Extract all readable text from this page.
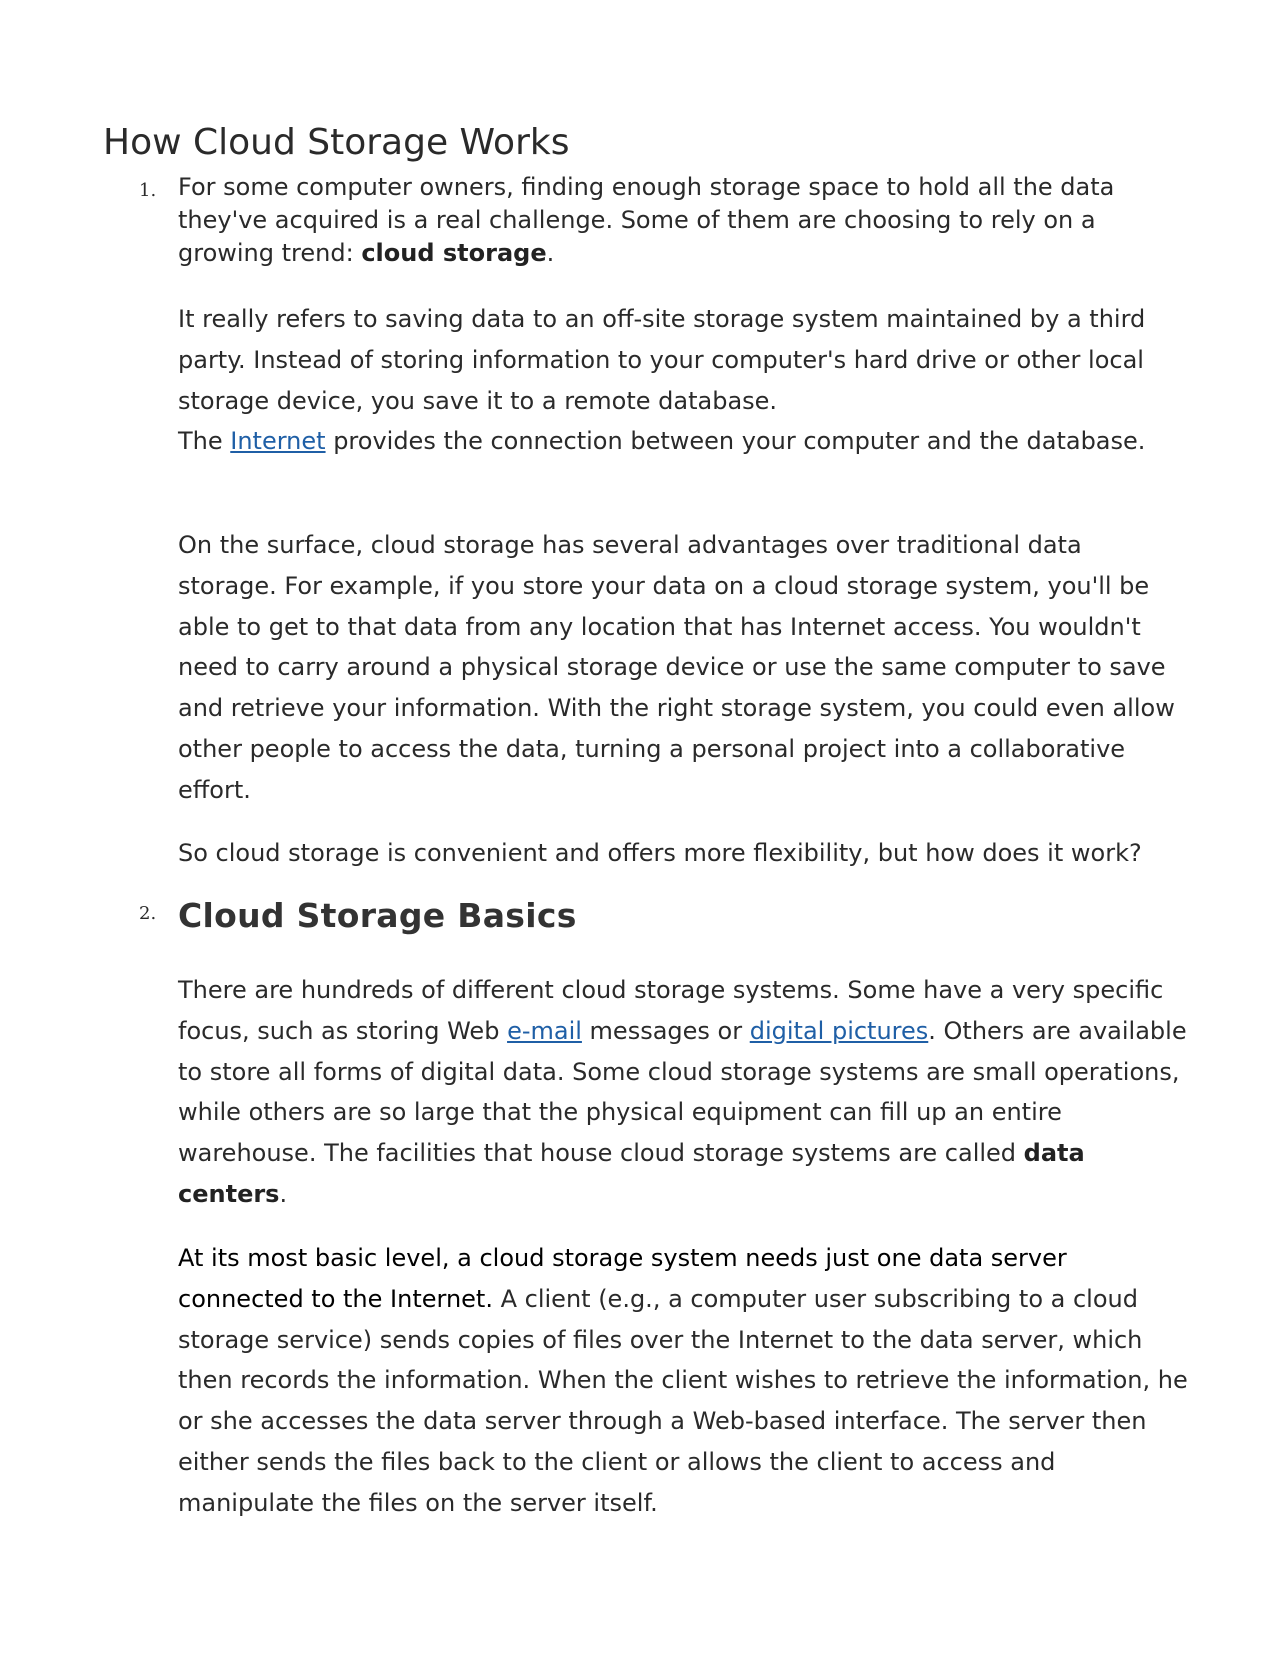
How Cloud Storage Works
1. For some computer owners, finding enough storage space to hold all the data they've acquired is a real challenge. Some of them are choosing to rely on a growing trend: cloud storage.

It really refers to saving data to an off-site storage system maintained by a third party. Instead of storing information to your computer's hard drive or other local storage device, you save it to a remote database.
The Internet provides the connection between your computer and the database.

On the surface, cloud storage has several advantages over traditional data storage. For example, if you store your data on a cloud storage system, you'll be able to get to that data from any location that has Internet access. You wouldn't need to carry around a physical storage device or use the same computer to save and retrieve your information. With the right storage system, you could even allow other people to access the data, turning a personal project into a collaborative effort.

So cloud storage is convenient and offers more flexibility, but how does it work?

2. Cloud Storage Basics

There are hundreds of different cloud storage systems. Some have a very specific focus, such as storing Web e-mail messages or digital pictures. Others are available to store all forms of digital data. Some cloud storage systems are small operations, while others are so large that the physical equipment can fill up an entire warehouse. The facilities that house cloud storage systems are called data centers.

At its most basic level, a cloud storage system needs just one data server connected to the Internet. A client (e.g., a computer user subscribing to a cloud storage service) sends copies of files over the Internet to the data server, which then records the information. When the client wishes to retrieve the information, he or she accesses the data server through a Web-based interface. The server then either sends the files back to the client or allows the client to access and manipulate the files on the server itself.
